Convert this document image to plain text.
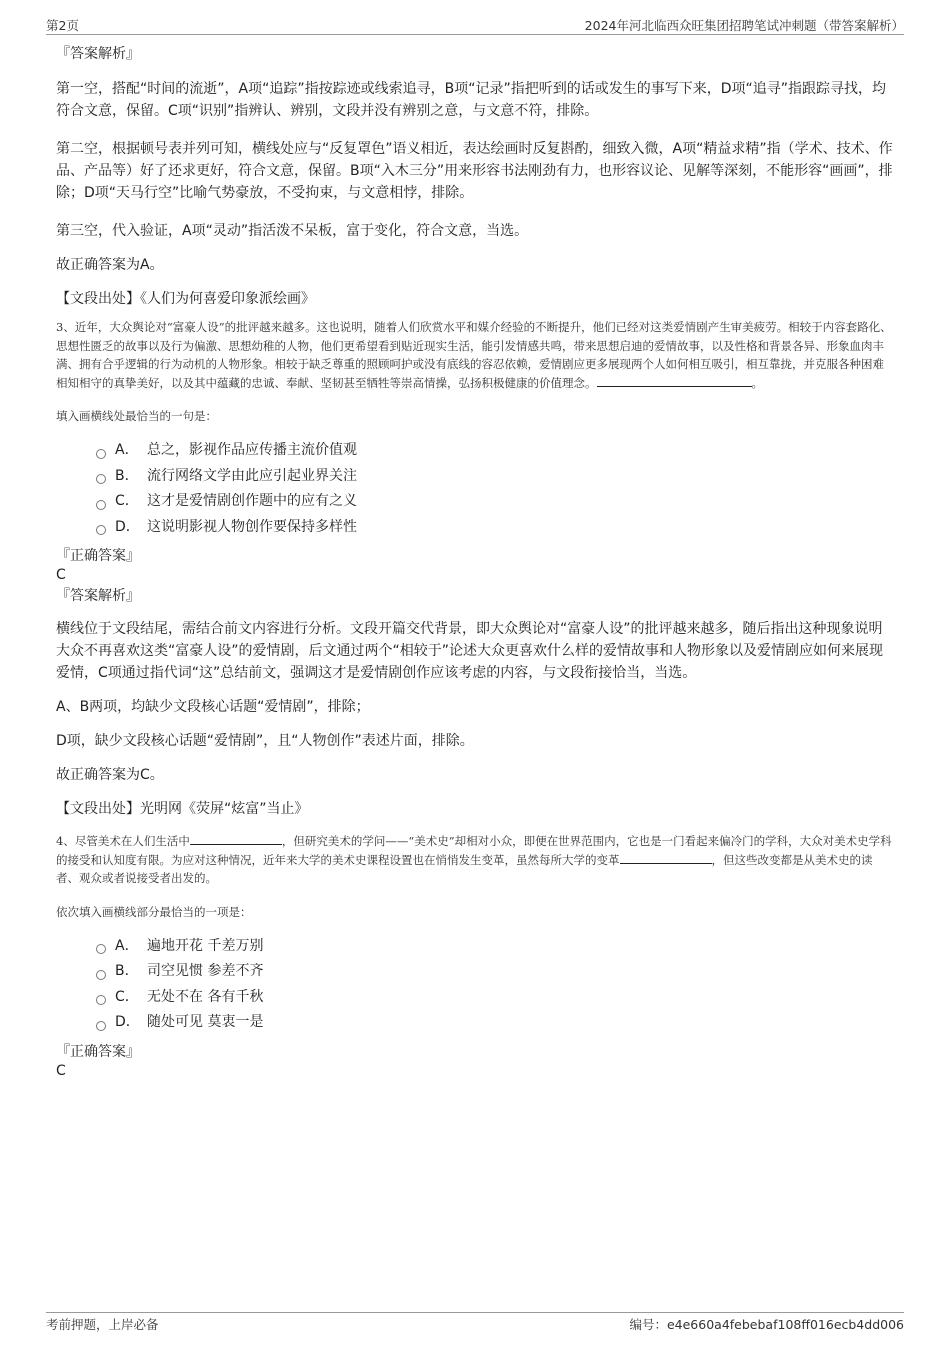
第2页	2024年河北临西众旺集团招聘笔试冲刺题（带答案解析）

『答案解析』

第一空，搭配“时间的流逝”，A项“追踪”指按踪迹或线索追寻，B项“记录”指把听到的话或发生的事写下来，D项“追寻”指跟踪寻找，均符合文意，保留。C项“识别”指辨认、辨别，文段并没有辨别之意，与文意不符，排除。

第二空，根据顿号表并列可知，横线处应与“反复罩色”语义相近，表达绘画时反复斟酌，细致入微，A项“精益求精”指（学术、技术、作品、产品等）好了还求更好，符合文意，保留。B项“入木三分”用来形容书法刚劲有力，也形容议论、见解等深刻，不能形容“画画”，排除；D项“天马行空”比喻气势豪放，不受拘束，与文意相悖，排除。

第三空，代入验证，A项“灵动”指活泼不呆板，富于变化，符合文意，当选。

故正确答案为A。

【文段出处】《人们为何喜爱印象派绘画》

3、近年，大众舆论对“富豪人设”的批评越来越多。这也说明，随着人们欣赏水平和媒介经验的不断提升，他们已经对这类爱情剧产生审美疲劳。相较于内容套路化、思想性匮乏的故事以及行为偏激、思想幼稚的人物，他们更希望看到贴近现实生活，能引发情感共鸣，带来思想启迪的爱情故事，以及性格和背景各异、形象血肉丰满、拥有合乎逻辑的行为动机的人物形象。相较于缺乏尊重的照顾呵护或没有底线的容忍依赖，爱情剧应更多展现两个人如何相互吸引，相互靠拢，并克服各种困难相知相守的真挚美好，以及其中蕴藏的忠诚、奉献、坚韧甚至牺牲等崇高情操，弘扬积极健康的价值理念。	。

填入画横线处最恰当的一句是：

A． 总之，影视作品应传播主流价值观
B． 流行网络文学由此应引起业界关注
C． 这才是爱情剧创作题中的应有之义
D． 这说明影视人物创作要保持多样性

『正确答案』

C

『答案解析』

横线位于文段结尾，需结合前文内容进行分析。文段开篇交代背景，即大众舆论对“富豪人设”的批评越来越多，随后指出这种现象说明大众不再喜欢这类“富豪人设”的爱情剧，后文通过两个“相较于”论述大众更喜欢什么样的爱情故事和人物形象以及爱情剧应如何来展现爱情，C项通过指代词“这”总结前文，强调这才是爱情剧创作应该考虑的内容，与文段衔接恰当，当选。

A、B两项，均缺少文段核心话题“爱情剧”，排除；

D项，缺少文段核心话题“爱情剧”，且“人物创作”表述片面，排除。

故正确答案为C。

【文段出处】光明网《荧屏“炫富”当止》

4、尽管美术在人们生活中	，但研究美术的学问——“美术史”却相对小众，即便在世界范围内，它也是一门看起来偏冷门的学科，大众对美术史学科的接受和认知度有限。为应对这种情况，近年来大学的美术史课程设置也在悄悄发生变革，虽然每所大学的变革	，但这些改变都是从美术史的读者、观众或者说接受者出发的。

依次填入画横线部分最恰当的一项是：

A． 遍地开花 千差万别
B． 司空见惯 参差不齐
C． 无处不在 各有千秋
D． 随处可见 莫衷一是

『正确答案』

C

考前押题，上岸必备	编号：e4e660a4febebaf108ff016ecb4dd006
